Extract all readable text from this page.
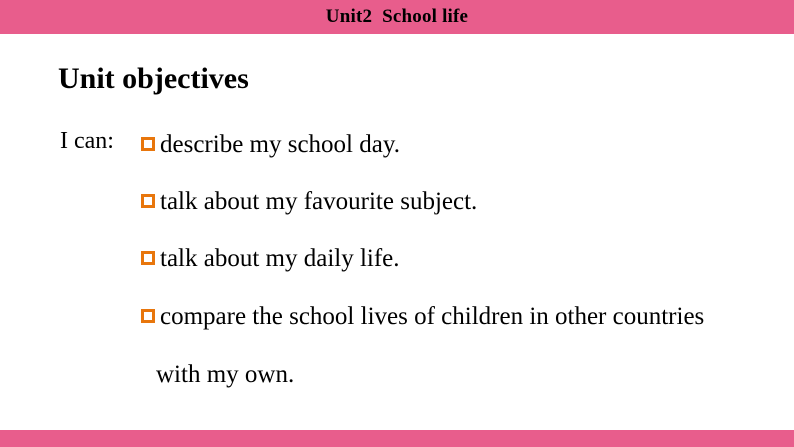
Unit2  School life
Unit objectives
I can: describe my school day.
talk about my favourite subject.
talk about my daily life.
compare the school lives of children in other countries
with my own.
